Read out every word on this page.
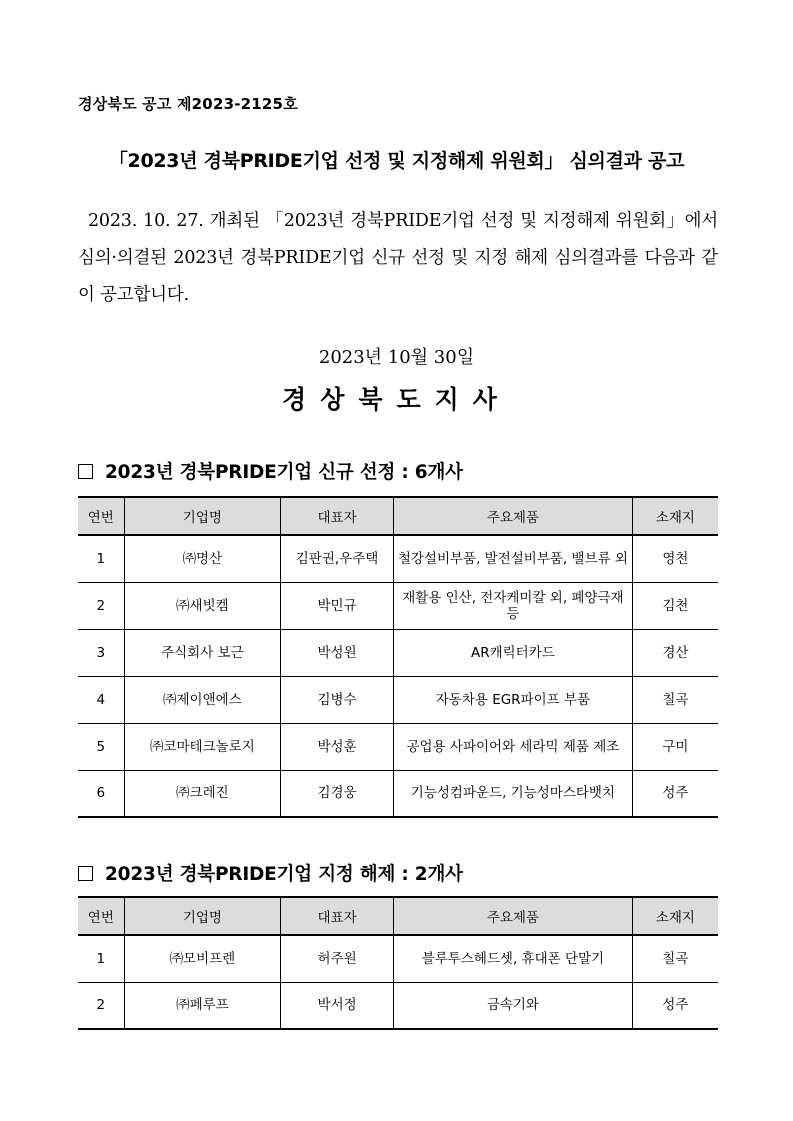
경상북도 공고 제2023-2125호
「2023년 경북PRIDE기업 선정 및 지정해제 위원회」 심의결과 공고
2023. 10. 27. 개최된 「2023년 경북PRIDE기업 선정 및 지정해제 위원회」에서 심의·의결된 2023년 경북PRIDE기업 신규 선정 및 지정 해제 심의결과를 다음과 같이 공고합니다.
2023년 10월 30일
경상북도지사
2023년 경북PRIDE기업 신규 선정 : 6개사
연번	기업명	대표자	주요제품	소재지
1	㈜명산	김판권,우주택	철강설비부품, 발전설비부품, 밸브류 외	영천
2	㈜새빗켐	박민규	재활용 인산, 전자케미칼 외, 폐양극재 등	김천
3	주식회사 보근	박성원	AR캐릭터카드	경산
4	㈜제이앤에스	김병수	자동차용 EGR파이프 부품	칠곡
5	㈜코마테크놀로지	박성훈	공업용 사파이어와 세라믹 제품 제조	구미
6	㈜크레진	김경웅	기능성컴파운드, 기능성마스타뱃치	성주
2023년 경북PRIDE기업 지정 해제 : 2개사
연번	기업명	대표자	주요제품	소재지
1	㈜모비프렌	허주원	블루투스헤드셋, 휴대폰 단말기	칠곡
2	㈜페루프	박서정	금속기와	성주
